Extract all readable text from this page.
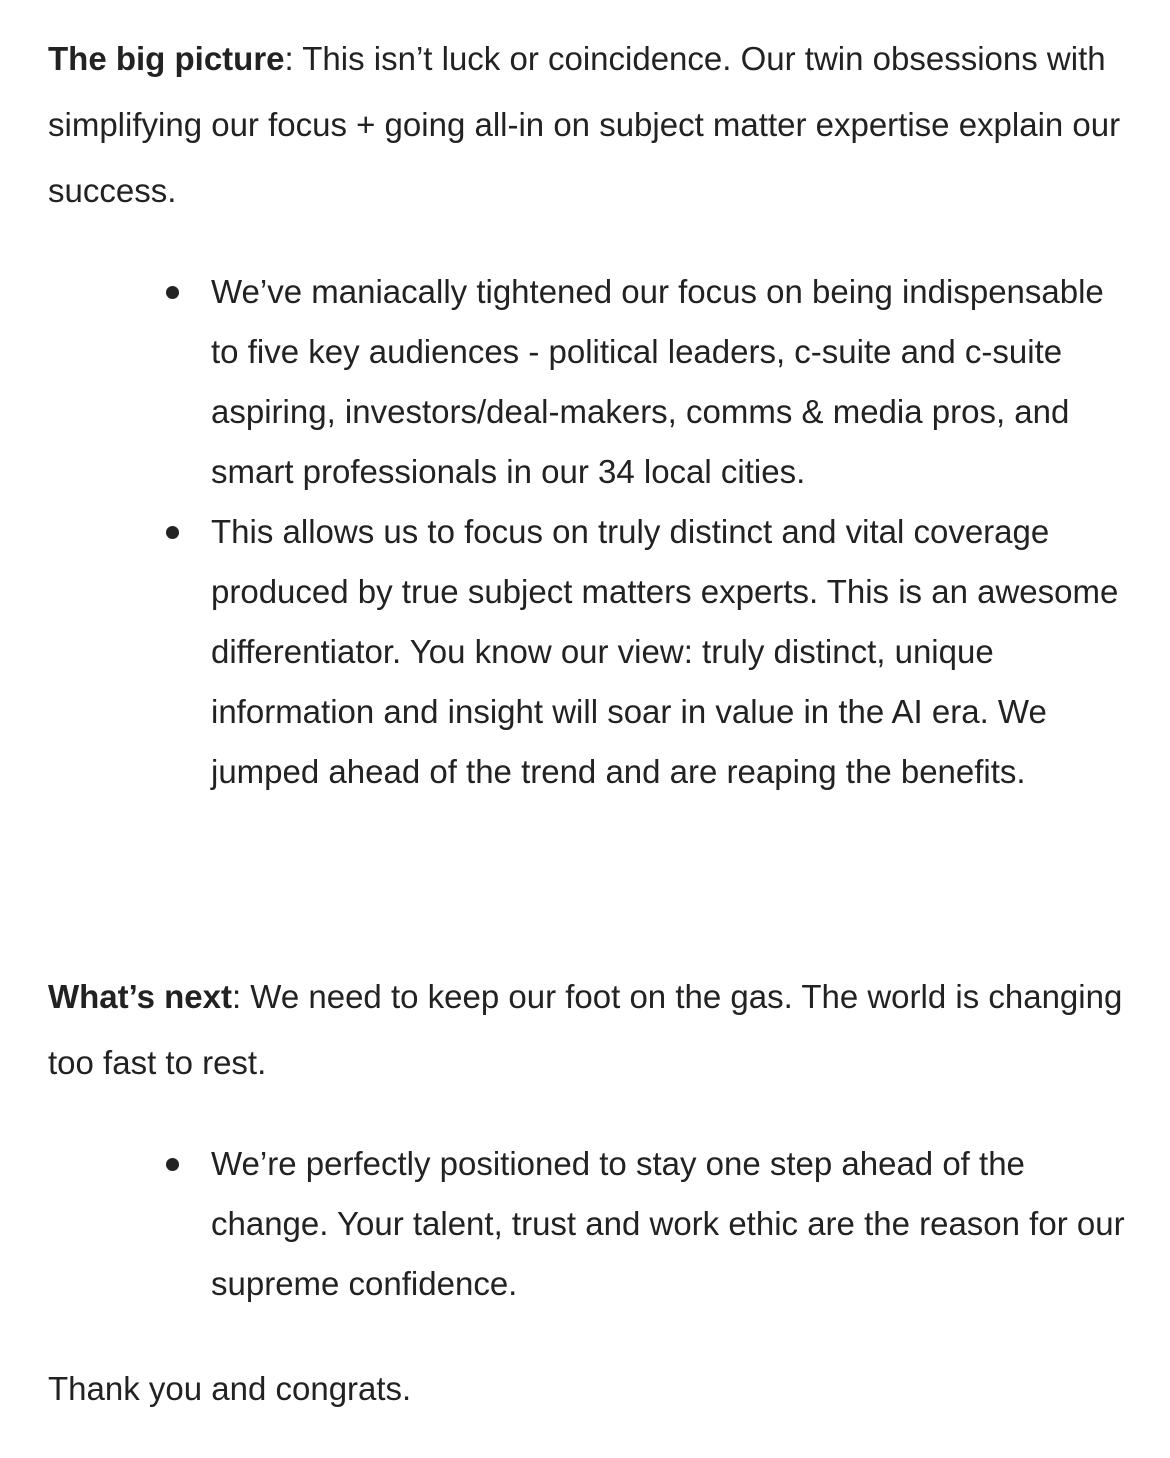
The big picture: This isn’t luck or coincidence. Our twin obsessions with simplifying our focus + going all-in on subject matter expertise explain our success.

We’ve maniacally tightened our focus on being indispensable to five key audiences - political leaders, c-suite and c-suite aspiring, investors/deal-makers, comms & media pros, and smart professionals in our 34 local cities.
This allows us to focus on truly distinct and vital coverage produced by true subject matters experts. This is an awesome differentiator. You know our view: truly distinct, unique information and insight will soar in value in the AI era. We jumped ahead of the trend and are reaping the benefits.

What’s next: We need to keep our foot on the gas. The world is changing too fast to rest.

We’re perfectly positioned to stay one step ahead of the change. Your talent, trust and work ethic are the reason for our supreme confidence.

Thank you and congrats.
